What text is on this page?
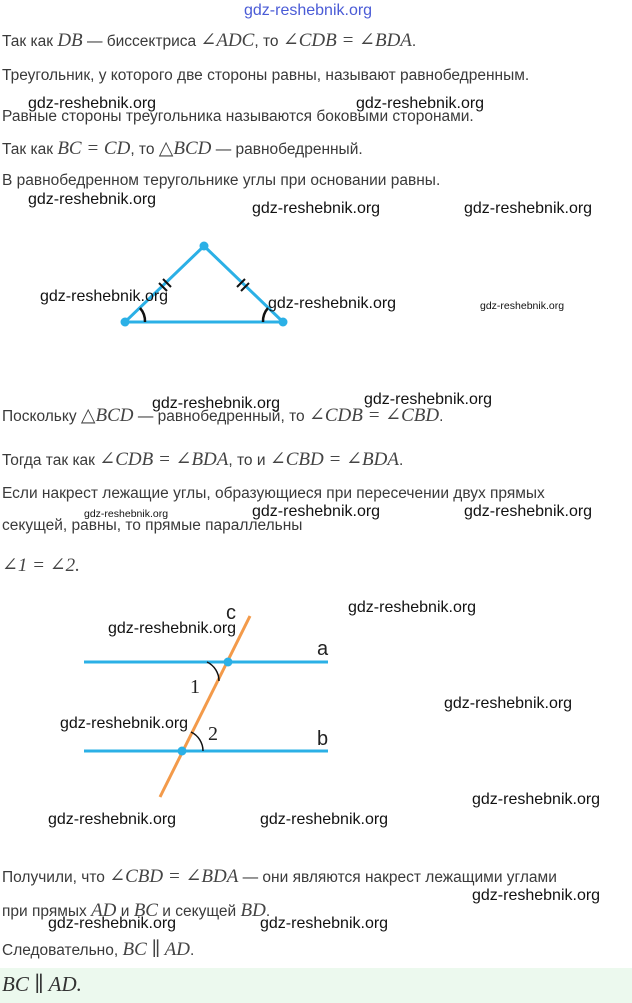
gdz-reshebnik.org
Так как DB — биссектриса ∠ADC, то ∠CDB = ∠BDA.
Треугольник, у которого две стороны равны, называют равнобедренным.
Равные стороны треугольника называются боковыми сторонами.
Так как BC = CD, то △BCD — равнобедренный.
В равнобедренном теругольнике углы при основании равны.
Поскольку △BCD — равнобедренный, то ∠CDB = ∠CBD.
Тогда так как ∠CDB = ∠BDA, то и ∠CBD = ∠BDA.
Если накрест лежащие углы, образующиеся при пересечении двух прямых
секущей, равны, то прямые параллельны
∠1 = ∠2.
c
a
b
1
2
Получили, что ∠CBD = ∠BDA — они являются накрест лежащими углами
при прямых AD и BC и секущей BD.
Следовательно, BC ∥ AD.
BC ∥ AD.
gdz-reshebnik.org	gdz-reshebnik.org
gdz-reshebnik.org
gdz-reshebnik.org	gdz-reshebnik.org
gdz-reshebnik.org	gdz-reshebnik.org	gdz-reshebnik.org
gdz-reshebnik.org
gdz-reshebnik.org
gdz-reshebnik.org	gdz-reshebnik.org	gdz-reshebnik.org
gdz-reshebnik.org
gdz-reshebnik.org
gdz-reshebnik.org
gdz-reshebnik.org
gdz-reshebnik.org
gdz-reshebnik.org	gdz-reshebnik.org
gdz-reshebnik.org
gdz-reshebnik.org	gdz-reshebnik.org
